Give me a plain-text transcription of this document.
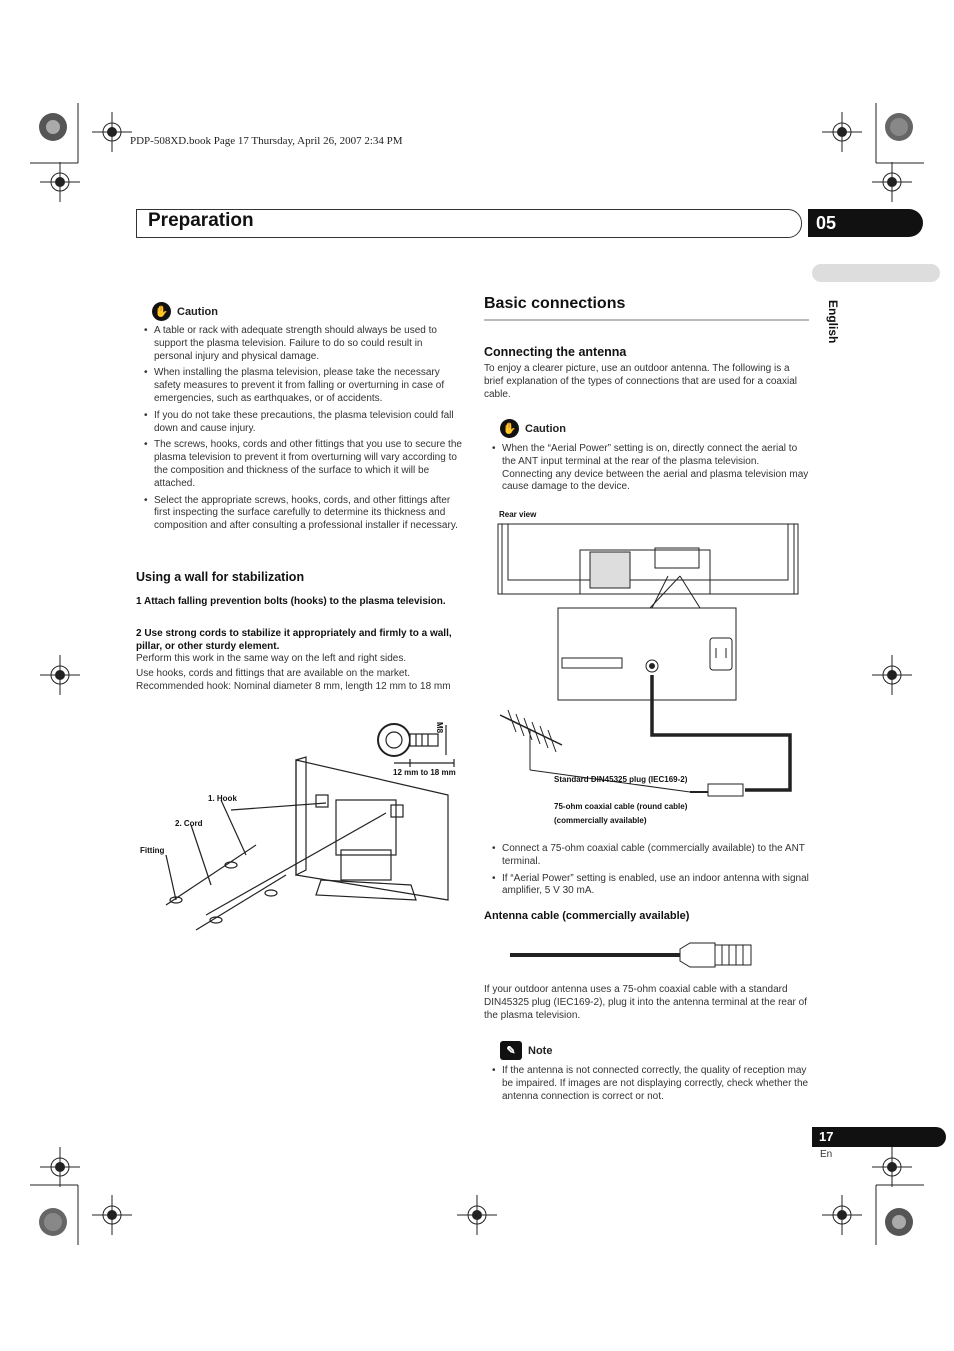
PDP-508XD.book Page 17 Thursday, April 26, 2007 2:34 PM
Preparation	05
English
✋ Caution
• A table or rack with adequate strength should always be used to support the plasma television. Failure to do so could result in personal injury and physical damage.
• When installing the plasma television, please take the necessary safety measures to prevent it from falling or overturning in case of emergencies, such as earthquakes, or of accidents.
• If you do not take these precautions, the plasma television could fall down and cause injury.
• The screws, hooks, cords and other fittings that you use to secure the plasma television to prevent it from overturning will vary according to the composition and thickness of the surface to which it will be attached.
• Select the appropriate screws, hooks, cords, and other fittings after first inspecting the surface carefully to determine its thickness and composition and after consulting a professional installer if necessary.
Using a wall for stabilization
1 Attach falling prevention bolts (hooks) to the plasma television.
2 Use strong cords to stabilize it appropriately and firmly to a wall, pillar, or other sturdy element.
Perform this work in the same way on the left and right sides.
Use hooks, cords and fittings that are available on the market. Recommended hook: Nominal diameter 8 mm, length 12 mm to 18 mm
M8
12 mm to 18 mm
1. Hook
2. Cord
Fitting
Basic connections
Connecting the antenna
To enjoy a clearer picture, use an outdoor antenna. The following is a brief explanation of the types of connections that are used for a coaxial cable.
✋ Caution
• When the “Aerial Power” setting is on, directly connect the aerial to the ANT input terminal at the rear of the plasma television. Connecting any device between the aerial and plasma television may cause damage to the device.
Rear view
Standard DIN45325 plug (IEC169-2)
75-ohm coaxial cable (round cable)
(commercially available)
• Connect a 75-ohm coaxial cable (commercially available) to the ANT terminal.
• If “Aerial Power” setting is enabled, use an indoor antenna with signal amplifier, 5 V 30 mA.
Antenna cable (commercially available)
If your outdoor antenna uses a 75-ohm coaxial cable with a standard DIN45325 plug (IEC169-2), plug it into the antenna terminal at the rear of the plasma television.
✎	Note
• If the antenna is not connected correctly, the quality of reception may be impaired. If images are not displaying correctly, check whether the antenna connection is correct or not.
17
En
